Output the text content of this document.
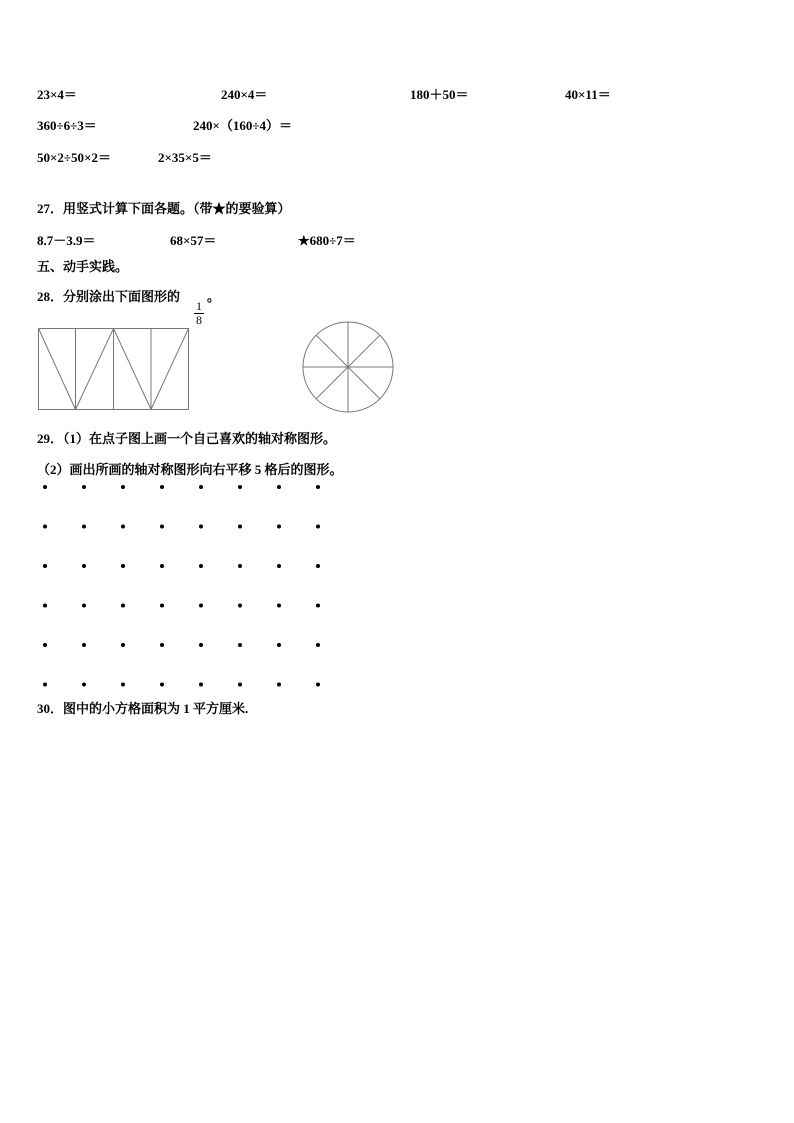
23×4＝	240×4＝	180＋50＝	40×11＝
360÷6÷3＝	240×（160÷4）＝
50×2÷50×2＝	2×35×5＝
27．用竖式计算下面各题。（带★的要验算）
8.7－3.9＝	68×57＝	★680÷7＝
五、动手实践。
28．分别涂出下面图形的
$\frac{1}{8}$
。
29．（1）在点子图上画一个自己喜欢的轴对称图形。
（2）画出所画的轴对称图形向右平移 5 格后的图形。
30．图中的小方格面积为 1 平方厘米.
